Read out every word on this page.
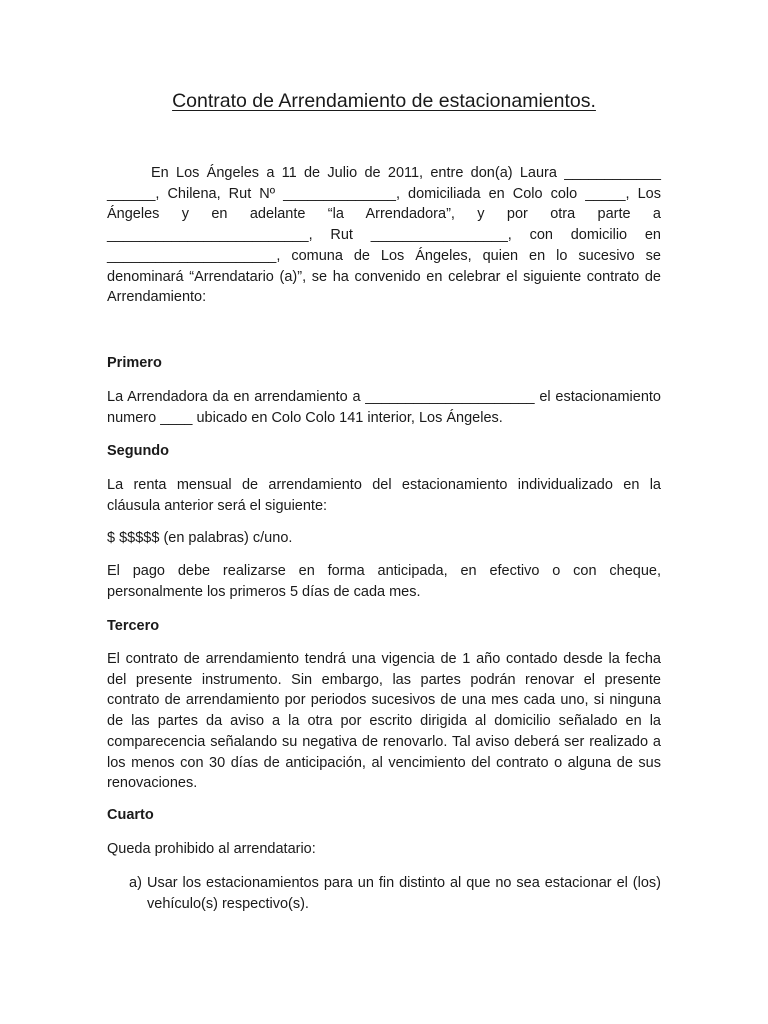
Contrato de Arrendamiento de estacionamientos.

En Los Ángeles a 11 de Julio de 2011, entre don(a) Laura ____________ ______, Chilena, Rut Nº ______________, domiciliada en Colo colo _____, Los Ángeles y en adelante “la Arrendadora”, y por otra parte a _________________________, Rut _________________, con domicilio en _____________________, comuna de Los Ángeles, quien en lo sucesivo se denominará “Arrendatario (a)”, se ha convenido en celebrar el siguiente contrato de Arrendamiento:

Primero

La Arrendadora da en arrendamiento a _____________________ el estacionamiento numero ____ ubicado en Colo Colo 141 interior, Los Ángeles.

Segundo

La renta mensual de arrendamiento del estacionamiento individualizado en la cláusula anterior será el siguiente:

$ $$$$$ (en palabras) c/uno.

El pago debe realizarse en forma anticipada, en efectivo o con cheque, personalmente los primeros 5 días de cada mes.

Tercero

El contrato de arrendamiento tendrá una vigencia de 1 año contado desde la fecha del presente instrumento. Sin embargo, las partes podrán renovar el presente contrato de arrendamiento por periodos sucesivos de una mes cada uno, si ninguna de las partes da aviso a la otra por escrito dirigida al domicilio señalado en la comparecencia señalando su negativa de renovarlo. Tal aviso deberá ser realizado a los menos con 30 días de anticipación, al vencimiento del contrato o alguna de sus renovaciones.

Cuarto

Queda prohibido al arrendatario:

a) Usar los estacionamientos para un fin distinto al que no sea estacionar el (los) vehículo(s) respectivo(s).
